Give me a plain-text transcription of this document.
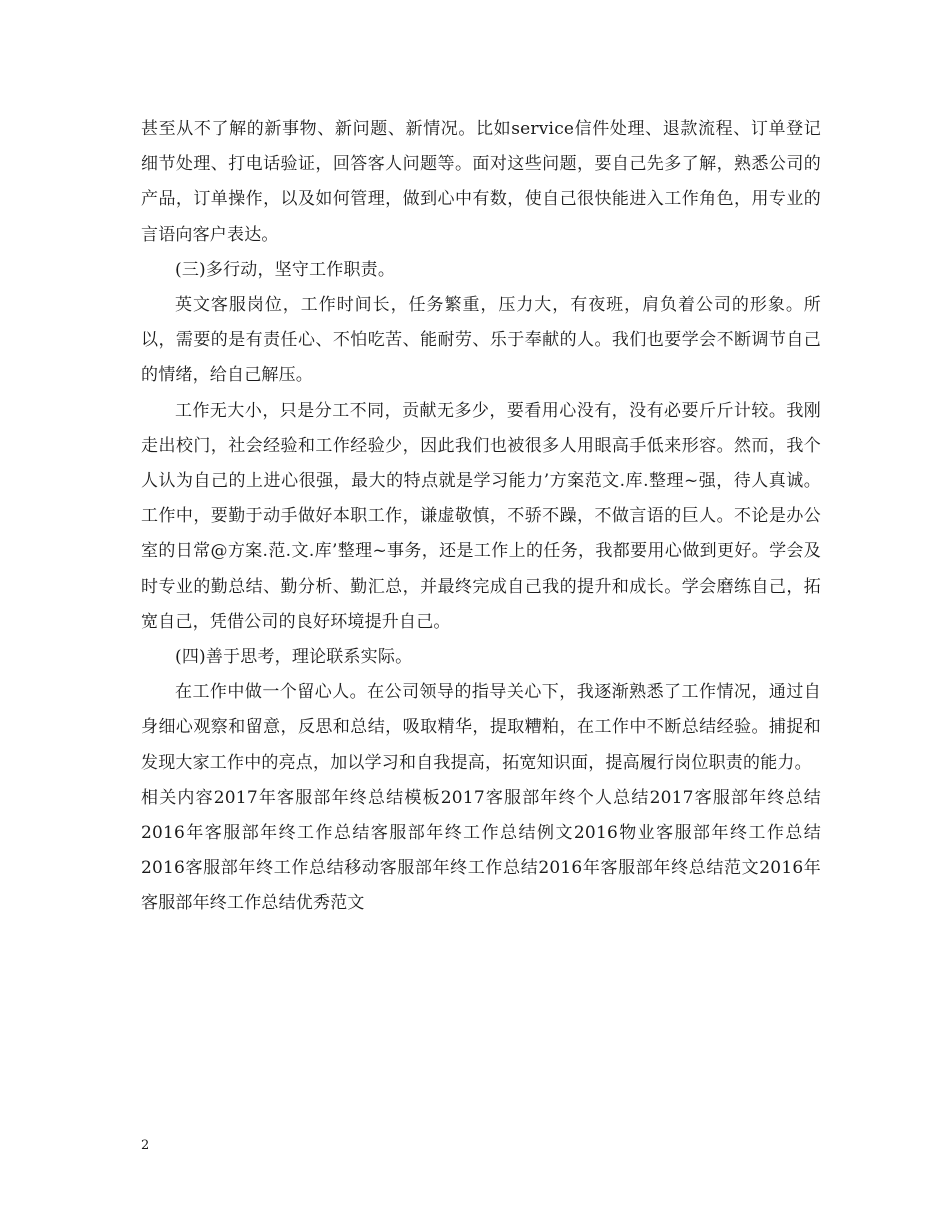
甚至从不了解的新事物、新问题、新情况。比如service信件处理、退款流程、订单登记细节处理、打电话验证，回答客人问题等。面对这些问题，要自己先多了解，熟悉公司的产品，订单操作，以及如何管理，做到心中有数，使自己很快能进入工作角色，用专业的言语向客户表达。

(三)多行动，坚守工作职责。

英文客服岗位，工作时间长，任务繁重，压力大，有夜班，肩负着公司的形象。所以，需要的是有责任心、不怕吃苦、能耐劳、乐于奉献的人。我们也要学会不断调节自己的情绪，给自己解压。

工作无大小，只是分工不同，贡献无多少，要看用心没有，没有必要斤斤计较。我刚走出校门，社会经验和工作经验少，因此我们也被很多人用眼高手低来形容。然而，我个人认为自己的上进心很强，最大的特点就是学习能力’方案范文.库.整理~强，待人真诚。工作中，要勤于动手做好本职工作，谦虚敬慎，不骄不躁，不做言语的巨人。不论是办公室的日常@方案.范.文.库’整理~事务，还是工作上的任务，我都要用心做到更好。学会及时专业的勤总结、勤分析、勤汇总，并最终完成自己我的提升和成长。学会磨练自己，拓宽自己，凭借公司的良好环境提升自己。

(四)善于思考，理论联系实际。

在工作中做一个留心人。在公司领导的指导关心下，我逐渐熟悉了工作情况，通过自身细心观察和留意，反思和总结，吸取精华，提取糟粕，在工作中不断总结经验。捕捉和发现大家工作中的亮点，加以学习和自我提高，拓宽知识面，提高履行岗位职责的能力。

相关内容2017年客服部年终总结模板2017客服部年终个人总结2017客服部年终总结2016年客服部年终工作总结客服部年终工作总结例文2016物业客服部年终工作总结2016客服部年终工作总结移动客服部年终工作总结2016年客服部年终总结范文2016年客服部年终工作总结优秀范文

2
